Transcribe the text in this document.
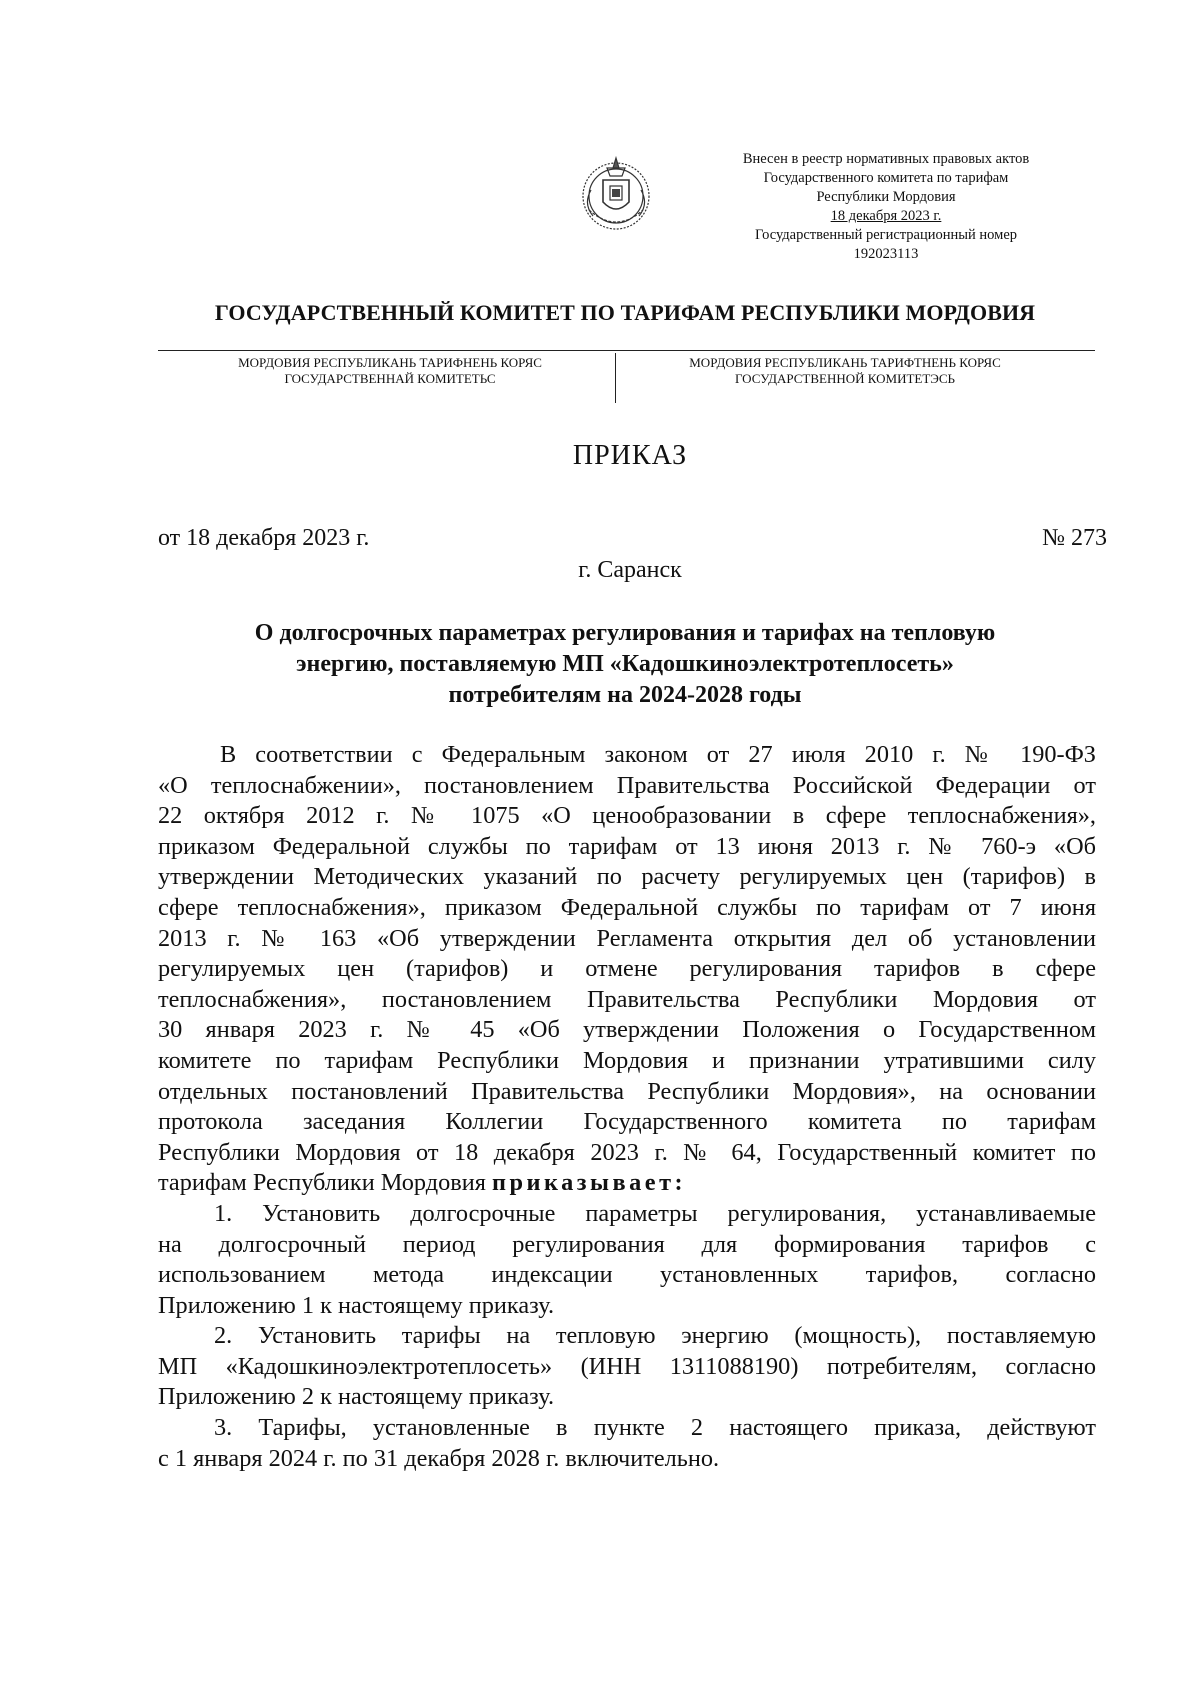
Внесен в реестр нормативных правовых актов
Государственного комитета по тарифам
Республики Мордовия
18 декабря 2023 г.
Государственный регистрационный номер
192023113
ГОСУДАРСТВЕННЫЙ КОМИТЕТ ПО ТАРИФАМ РЕСПУБЛИКИ МОРДОВИЯ
МОРДОВИЯ РЕСПУБЛИКАНЬ ТАРИФНЕНЬ КОРЯС
ГОСУДАРСТВЕННАЙ КОМИТЕТЬС
МОРДОВИЯ РЕСПУБЛИКАНЬ ТАРИФТНЕНЬ КОРЯС
ГОСУДАРСТВЕННОЙ КОМИТЕТЭСЬ
ПРИКАЗ
от 18 декабря 2023 г.	№ 273
г. Саранск
О долгосрочных параметрах регулирования и тарифах на тепловую
энергию, поставляемую МП «Кадошкиноэлектротеплосеть»
потребителям на 2024-2028 годы

В соответствии с Федеральным законом от 27 июля 2010 г. № 190-ФЗ
«О теплоснабжении», постановлением Правительства Российской Федерации от
22 октября 2012 г. № 1075 «О ценообразовании в сфере теплоснабжения»,
приказом Федеральной службы по тарифам от 13 июня 2013 г. № 760-э «Об
утверждении Методических указаний по расчету регулируемых цен (тарифов) в
сфере теплоснабжения», приказом Федеральной службы по тарифам от 7 июня
2013 г. № 163 «Об утверждении Регламента открытия дел об установлении
регулируемых цен (тарифов) и отмене регулирования тарифов в сфере
теплоснабжения», постановлением Правительства Республики Мордовия от
30 января 2023 г. № 45 «Об утверждении Положения о Государственном
комитете по тарифам Республики Мордовия и признании утратившими силу
отдельных постановлений Правительства Республики Мордовия», на основании
протокола заседания Коллегии Государственного комитета по тарифам
Республики Мордовия от 18 декабря 2023 г. № 64, Государственный комитет по
тарифам Республики Мордовия приказывает:

1. Установить долгосрочные параметры регулирования, устанавливаемые
на долгосрочный период регулирования для формирования тарифов с
использованием метода индексации установленных тарифов, согласно
Приложению 1 к настоящему приказу.

2. Установить тарифы на тепловую энергию (мощность), поставляемую
МП «Кадошкиноэлектротеплосеть» (ИНН 1311088190) потребителям, согласно
Приложению 2 к настоящему приказу.

3. Тарифы, установленные в пункте 2 настоящего приказа, действуют
с 1 января 2024 г. по 31 декабря 2028 г. включительно.
